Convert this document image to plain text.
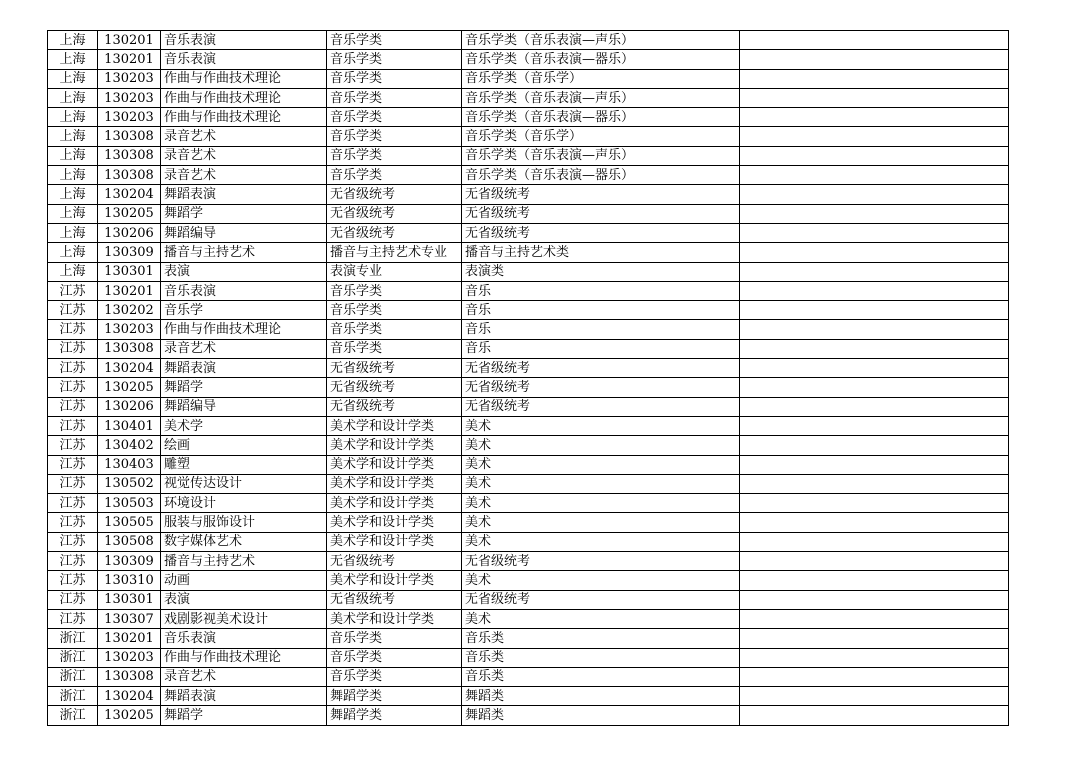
上海	130201	音乐表演	音乐学类	音乐学类（音乐表演—声乐）	
上海	130201	音乐表演	音乐学类	音乐学类（音乐表演—器乐）	
上海	130203	作曲与作曲技术理论	音乐学类	音乐学类（音乐学）	
上海	130203	作曲与作曲技术理论	音乐学类	音乐学类（音乐表演—声乐）	
上海	130203	作曲与作曲技术理论	音乐学类	音乐学类（音乐表演—器乐）	
上海	130308	录音艺术	音乐学类	音乐学类（音乐学）	
上海	130308	录音艺术	音乐学类	音乐学类（音乐表演—声乐）	
上海	130308	录音艺术	音乐学类	音乐学类（音乐表演—器乐）	
上海	130204	舞蹈表演	无省级统考	无省级统考	
上海	130205	舞蹈学	无省级统考	无省级统考	
上海	130206	舞蹈编导	无省级统考	无省级统考	
上海	130309	播音与主持艺术	播音与主持艺术专业	播音与主持艺术类	
上海	130301	表演	表演专业	表演类	
江苏	130201	音乐表演	音乐学类	音乐	
江苏	130202	音乐学	音乐学类	音乐	
江苏	130203	作曲与作曲技术理论	音乐学类	音乐	
江苏	130308	录音艺术	音乐学类	音乐	
江苏	130204	舞蹈表演	无省级统考	无省级统考	
江苏	130205	舞蹈学	无省级统考	无省级统考	
江苏	130206	舞蹈编导	无省级统考	无省级统考	
江苏	130401	美术学	美术学和设计学类	美术	
江苏	130402	绘画	美术学和设计学类	美术	
江苏	130403	雕塑	美术学和设计学类	美术	
江苏	130502	视觉传达设计	美术学和设计学类	美术	
江苏	130503	环境设计	美术学和设计学类	美术	
江苏	130505	服装与服饰设计	美术学和设计学类	美术	
江苏	130508	数字媒体艺术	美术学和设计学类	美术	
江苏	130309	播音与主持艺术	无省级统考	无省级统考	
江苏	130310	动画	美术学和设计学类	美术	
江苏	130301	表演	无省级统考	无省级统考	
江苏	130307	戏剧影视美术设计	美术学和设计学类	美术	
浙江	130201	音乐表演	音乐学类	音乐类	
浙江	130203	作曲与作曲技术理论	音乐学类	音乐类	
浙江	130308	录音艺术	音乐学类	音乐类	
浙江	130204	舞蹈表演	舞蹈学类	舞蹈类	
浙江	130205	舞蹈学	舞蹈学类	舞蹈类	
